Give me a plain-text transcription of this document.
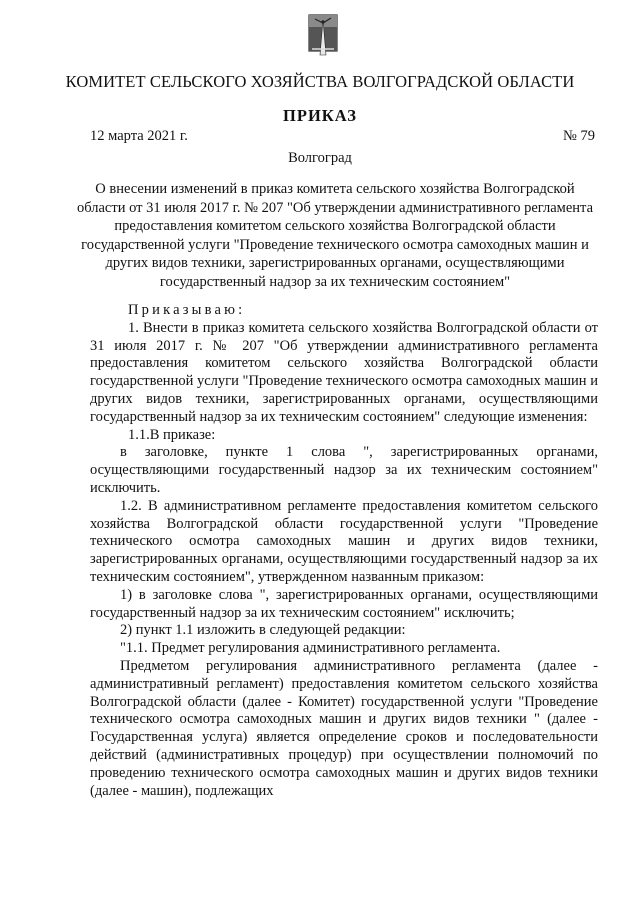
КОМИТЕТ СЕЛЬСКОГО ХОЗЯЙСТВА ВОЛГОГРАДСКОЙ ОБЛАСТИ
ПРИКАЗ
12 марта 2021 г.	№ 79
Волгоград
О внесении изменений в приказ комитета сельского хозяйства Волгоградской области от 31 июля 2017 г. № 207 "Об утверждении административного регламента предоставления комитетом сельского хозяйства Волгоградской области государственной услуги "Проведение технического осмотра самоходных машин и других видов техники, зарегистрированных органами, осуществляющими государственный надзор за их техническим состоянием"

Приказываю:

1. Внести в приказ комитета сельского хозяйства Волгоградской области от 31 июля 2017 г. № 207 "Об утверждении административного регламента предоставления комитетом сельского хозяйства Волгоградской области государственной услуги "Проведение технического осмотра самоходных машин и других видов техники, зарегистрированных органами, осуществляющими государственный надзор за их техническим состоянием" следующие изменения:

1.1.В приказе:

в заголовке, пункте 1 слова ", зарегистрированных органами, осуществляющими государственный надзор за их техническим состоянием" исключить.

1.2. В административном регламенте предоставления комитетом сельского хозяйства Волгоградской области государственной услуги "Проведение технического осмотра самоходных машин и других видов техники, зарегистрированных органами, осуществляющими государственный надзор за их техническим состоянием", утвержденном названным приказом:

1) в заголовке слова ", зарегистрированных органами, осуществляющими государственный надзор за их техническим состоянием" исключить;

2) пункт 1.1 изложить в следующей редакции:

"1.1. Предмет регулирования административного регламента.

Предметом регулирования административного регламента (далее - административный регламент) предоставления комитетом сельского хозяйства Волгоградской области (далее - Комитет) государственной услуги "Проведение технического осмотра самоходных машин и других видов техники " (далее - Государственная услуга) является определение сроков и последовательности действий (административных процедур) при осуществлении полномочий по проведению технического осмотра самоходных машин и других видов техники (далее - машин), подлежащих
